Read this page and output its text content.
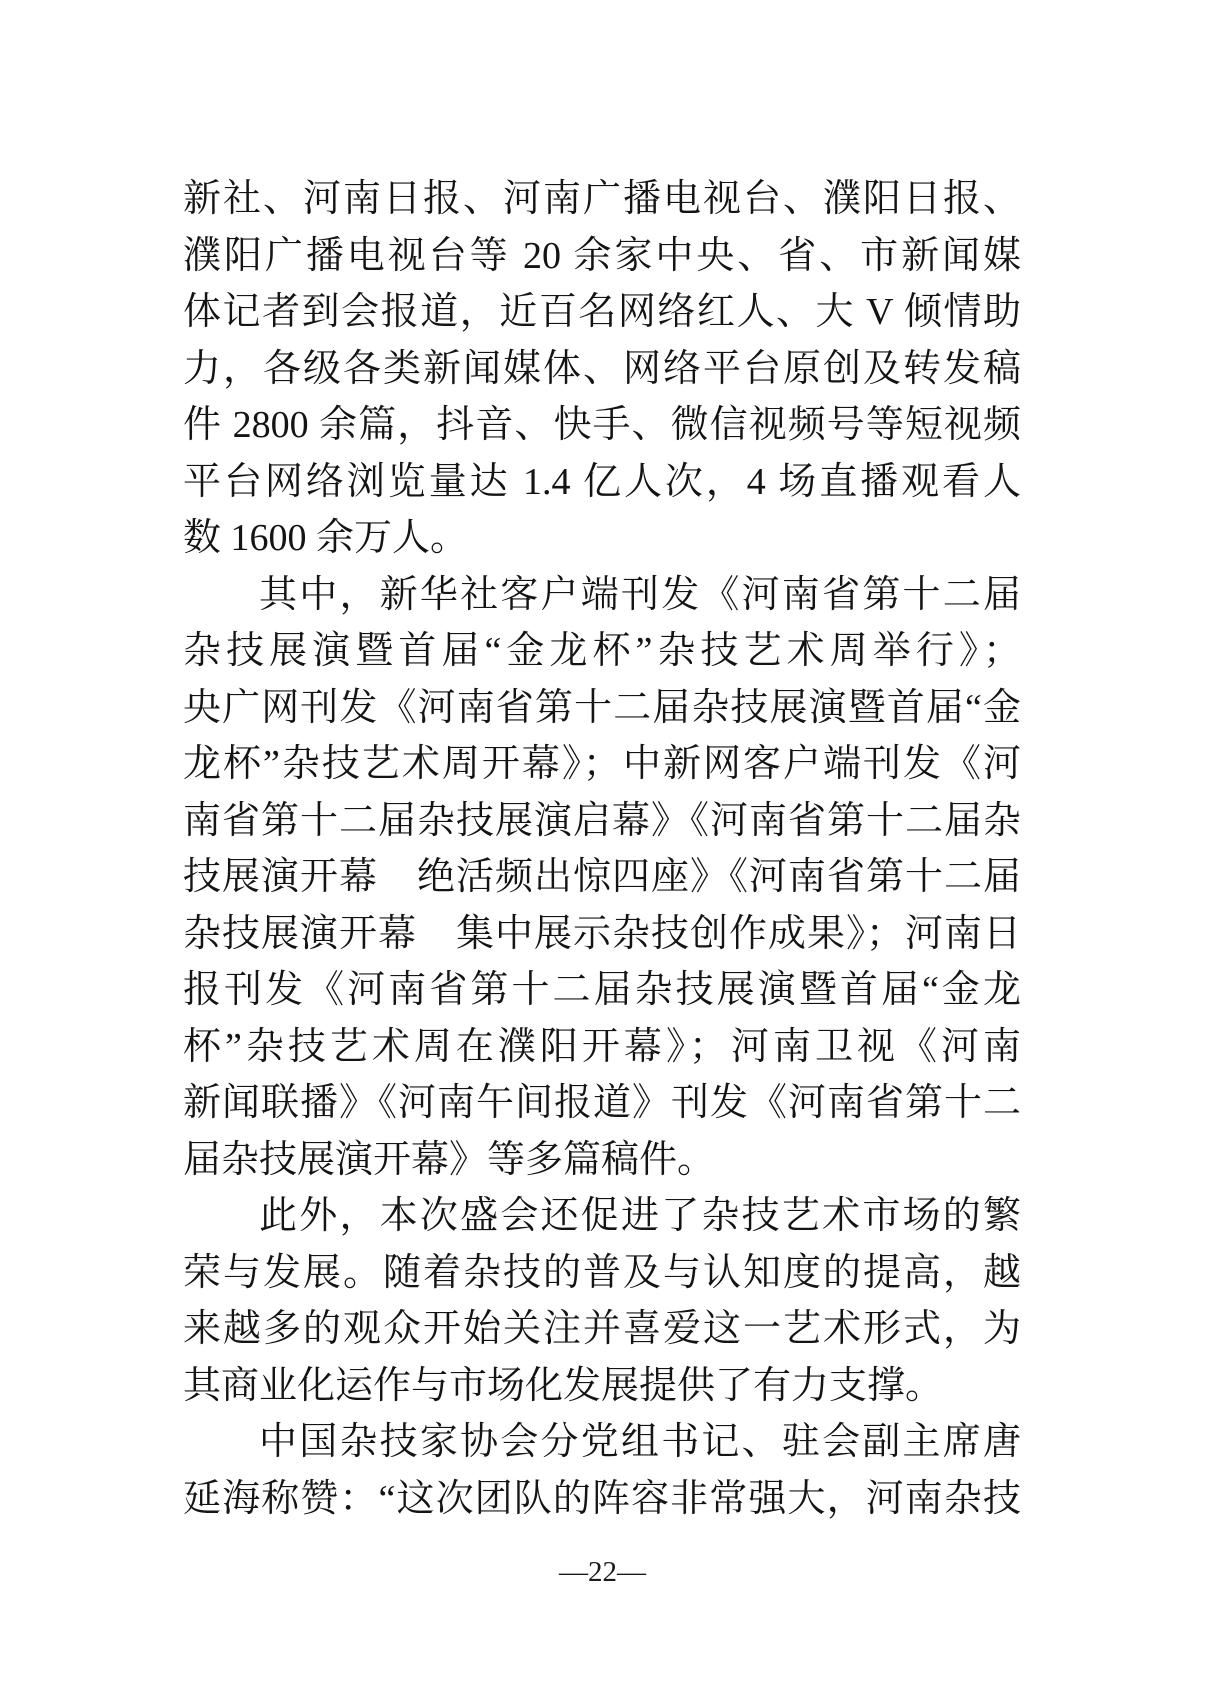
新社、河南日报、河南广播电视台、濮阳日报、
濮阳广播电视台等 20 余家中央、省、市新闻媒
体记者到会报道，近百名网络红人、大 V 倾情助
力，各级各类新闻媒体、网络平台原创及转发稿
件 2800 余篇，抖音、快手、微信视频号等短视频
平台网络浏览量达 1.4 亿人次，4 场直播观看人
数 1600 余万人。
其中，新华社客户端刊发《河南省第十二届
杂技展演暨首届“金龙杯”杂技艺术周举行》；
央广网刊发《河南省第十二届杂技展演暨首届“金
龙杯”杂技艺术周开幕》；中新网客户端刊发《河
南省第十二届杂技展演启幕》《河南省第十二届杂
技展演开幕　绝活频出惊四座》《河南省第十二届
杂技展演开幕　集中展示杂技创作成果》；河南日
报刊发《河南省第十二届杂技展演暨首届“金龙
杯”杂技艺术周在濮阳开幕》；河南卫视《河南
新闻联播》《河南午间报道》刊发《河南省第十二
届杂技展演开幕》等多篇稿件。
此外，本次盛会还促进了杂技艺术市场的繁
荣与发展。随着杂技的普及与认知度的提高，越
来越多的观众开始关注并喜爱这一艺术形式，为
其商业化运作与市场化发展提供了有力支撑。
中国杂技家协会分党组书记、驻会副主席唐
延海称赞：“这次团队的阵容非常强大，河南杂技
—22—
